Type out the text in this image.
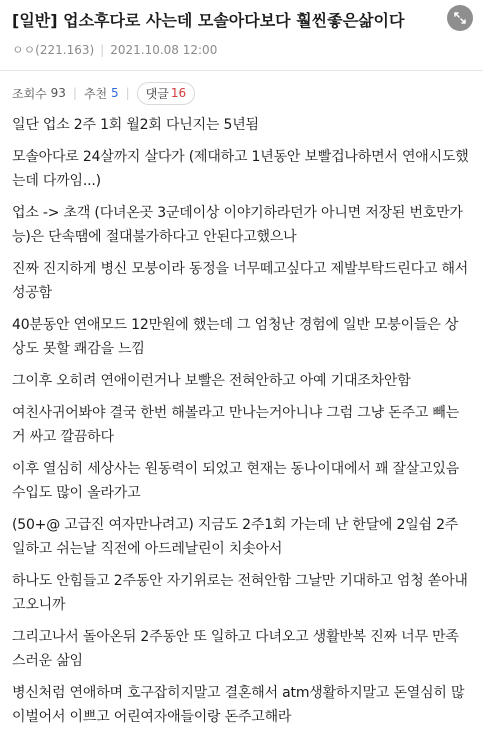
[일반] 업소후다로 사는데 모솔아다보다 훨씬좋은삶이다
ㅇㅇ(221.163) | 2021.10.08 12:00
조회수
93 | 추천
5 | 댓글 16

일단 업소 2주 1회 월2회 다닌지는 5년됨

모솔아다로 24살까지 살다가 (제대하고 1년동안 보빨겁나하면서 연애시도했는데 다까임...)

업소 -> 초객 (다녀온곳 3군데이상 이야기하라던가 아니면 저장된 번호만가능)은 단속땜에 절대불가하다고 안된다고했으나

진짜 진지하게 병신 모붕이라 동정을 너무떼고싶다고 제발부탁드린다고 해서 성공함

40분동안 연애모드 12만원에 했는데 그 엄청난 경험에 일반 모붕이들은 상상도 못할 쾌감을 느낌

그이후 오히려 연애이런거나 보빨은 전혀안하고 아예 기대조차안함

여친사귀어봐야 결국 한번 해볼라고 만나는거아니냐 그럼 그냥 돈주고 빼는거 싸고 깔끔하다

이후 열심히 세상사는 원동력이 되었고 현재는 동나이대에서 꽤 잘살고있음 수입도 많이 올라가고

(50+@ 고급진 여자만나려고) 지금도 2주1회 가는데 난 한달에 2일쉼 2주일하고 쉬는날 직전에 아드레날린이 치솟아서

하나도 안힘들고 2주동안 자기위로는 전혀안함 그날만 기대하고 엄청 쏟아내고오니까

그리고나서 돌아온뒤 2주동안 또 일하고 다녀오고 생활반복 진짜 너무 만족스러운 삶임

병신처럼 연애하며 호구잡히지말고 결혼해서 atm생활하지말고 돈열심히 많이벌어서 이쁘고 어린여자애들이랑 돈주고해라
